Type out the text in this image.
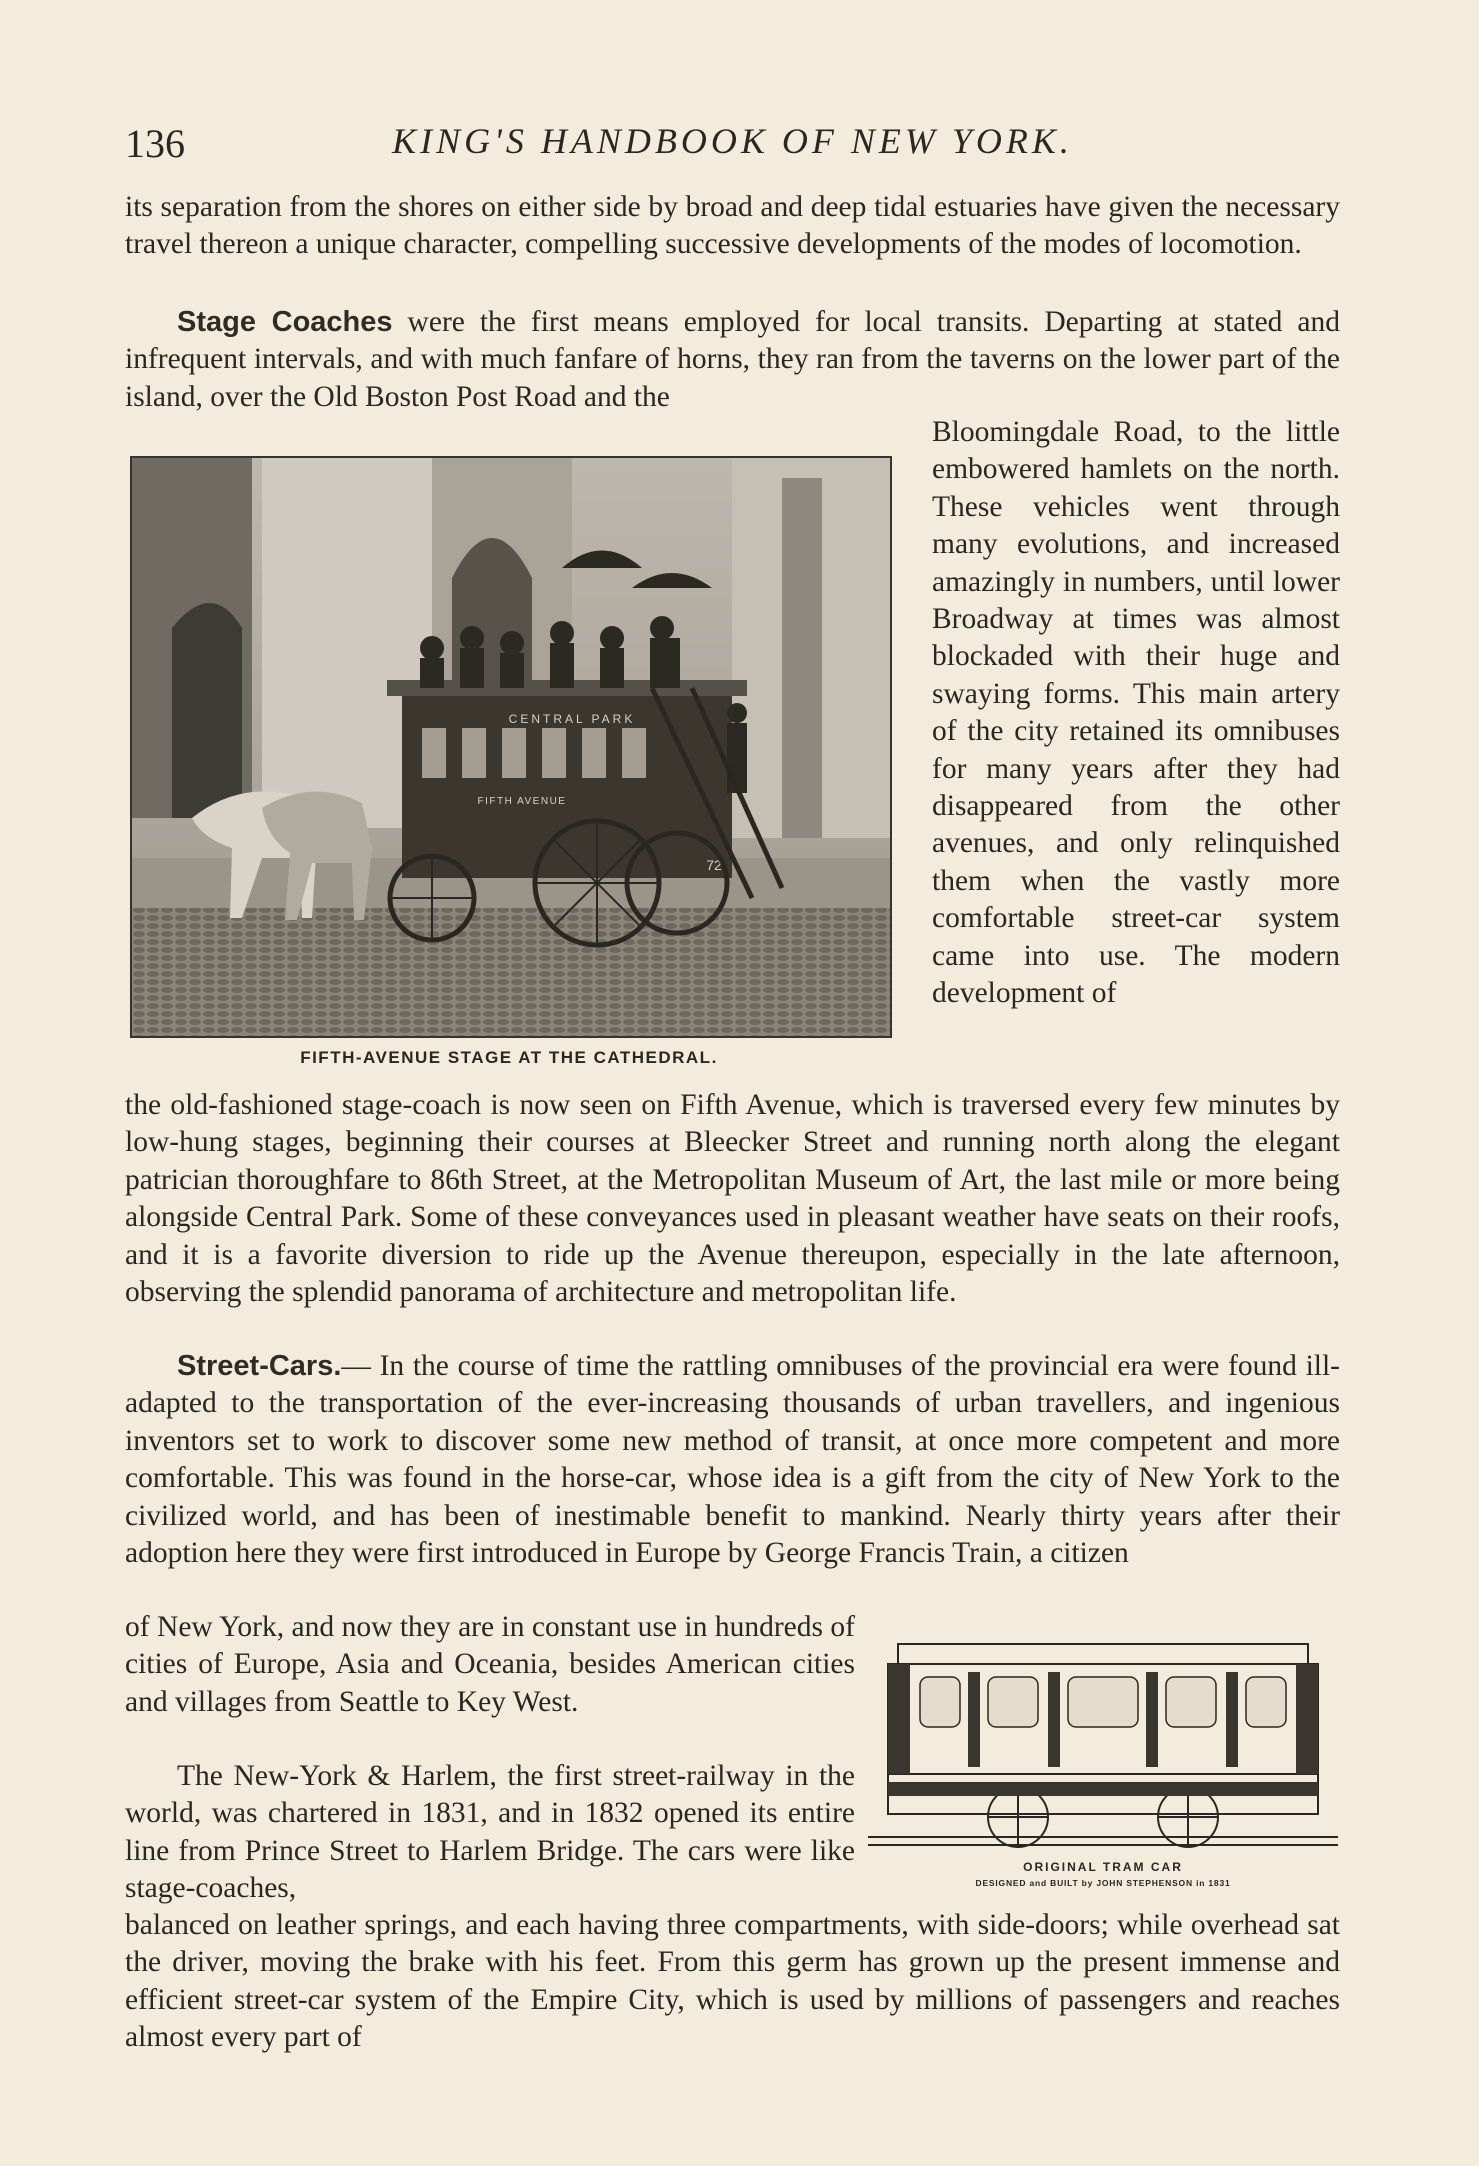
136	KING'S HANDBOOK OF NEW YORK.

its separation from the shores on either side by broad and deep tidal estuaries have given the necessary travel thereon a unique character, compelling successive developments of the modes of locomotion.

Stage Coaches were the first means employed for local transits. Departing at stated and infrequent intervals, and with much fanfare of horns, they ran from the taverns on the lower part of the island, over the Old Boston Post Road and the

Bloomingdale Road, to the little embowered hamlets on the north. These vehicles went through many evolutions, and increased amazingly in numbers, until lower Broadway at times was almost blockaded with their huge and swaying forms. This main artery of the city retained its omnibuses for many years after they had disappeared from the other avenues, and only relinquished them when the vastly more comfortable street-car system came into use. The modern development of

CENTRAL PARK
FIFTH AVENUE
72
FIFTH-AVENUE STAGE AT THE CATHEDRAL.

the old-fashioned stage-coach is now seen on Fifth Avenue, which is traversed every few minutes by low-hung stages, beginning their courses at Bleecker Street and running north along the elegant patrician thoroughfare to 86th Street, at the Metropolitan Museum of Art, the last mile or more being alongside Central Park. Some of these conveyances used in pleasant weather have seats on their roofs, and it is a favorite diversion to ride up the Avenue thereupon, especially in the late afternoon, observing the splendid panorama of architecture and metropolitan life.

Street-Cars.— In the course of time the rattling omnibuses of the provincial era were found ill-adapted to the transportation of the ever-increasing thousands of urban travellers, and ingenious inventors set to work to discover some new method of transit, at once more competent and more comfortable. This was found in the horse-car, whose idea is a gift from the city of New York to the civilized world, and has been of inestimable benefit to mankind. Nearly thirty years after their adoption here they were first introduced in Europe by George Francis Train, a citizen

of New York, and now they are in constant use in hundreds of cities of Europe, Asia and Oceania, besides American cities and villages from Seattle to Key West.

The New-York & Harlem, the first street-railway in the world, was chartered in 1831, and in 1832 opened its entire line from Prince Street to Harlem Bridge. The cars were like stage-coaches,

ORIGINAL TRAM CAR
DESIGNED and BUILT by JOHN STEPHENSON in 1831

balanced on leather springs, and each having three compartments, with side-doors; while overhead sat the driver, moving the brake with his feet. From this germ has grown up the present immense and efficient street-car system of the Empire City, which is used by millions of passengers and reaches almost every part of
